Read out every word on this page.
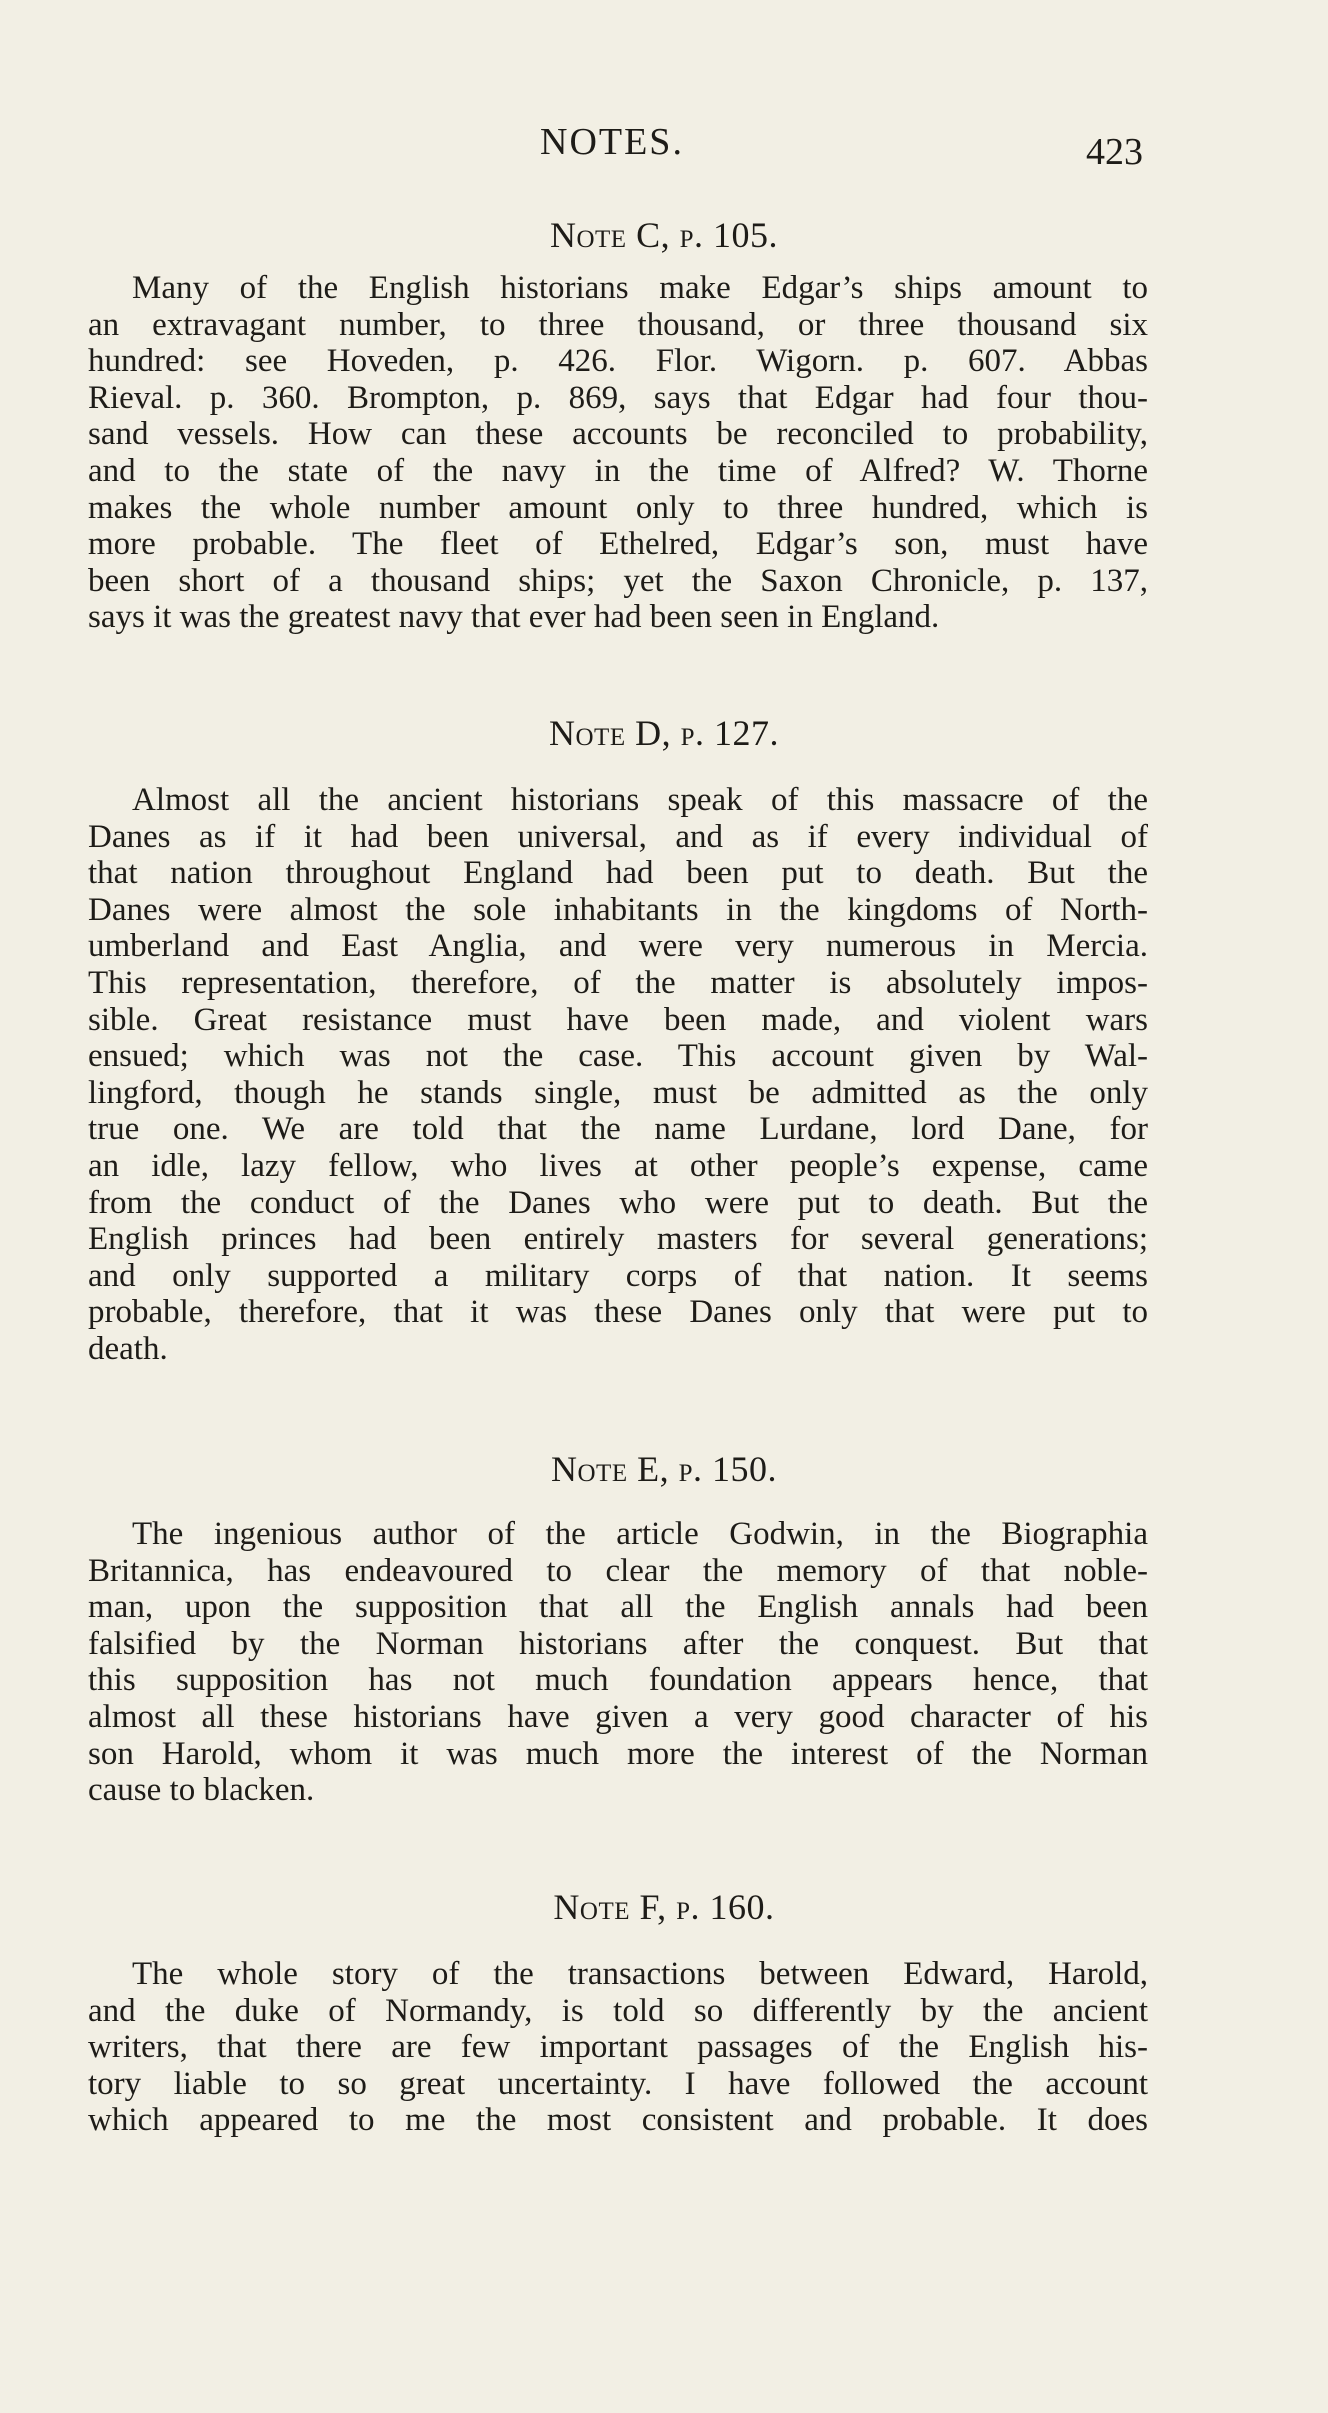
NOTES.	423
Note C, p. 105.
Many of the English historians make Edgar’s ships amount to
an extravagant number, to three thousand, or three thousand six
hundred: see Hoveden, p. 426. Flor. Wigorn. p. 607. Abbas
Rieval. p. 360. Brompton, p. 869, says that Edgar had four thou-
sand vessels. How can these accounts be reconciled to probability,
and to the state of the navy in the time of Alfred? W. Thorne
makes the whole number amount only to three hundred, which is
more probable. The fleet of Ethelred, Edgar’s son, must have
been short of a thousand ships; yet the Saxon Chronicle, p. 137,
says it was the greatest navy that ever had been seen in England.
Note D, p. 127.
Almost all the ancient historians speak of this massacre of the
Danes as if it had been universal, and as if every individual of
that nation throughout England had been put to death. But the
Danes were almost the sole inhabitants in the kingdoms of North-
umberland and East Anglia, and were very numerous in Mercia.
This representation, therefore, of the matter is absolutely impos-
sible. Great resistance must have been made, and violent wars
ensued; which was not the case. This account given by Wal-
lingford, though he stands single, must be admitted as the only
true one. We are told that the name Lurdane, lord Dane, for
an idle, lazy fellow, who lives at other people’s expense, came
from the conduct of the Danes who were put to death. But the
English princes had been entirely masters for several generations;
and only supported a military corps of that nation. It seems
probable, therefore, that it was these Danes only that were put to
death.
Note E, p. 150.
The ingenious author of the article Godwin, in the Biographia
Britannica, has endeavoured to clear the memory of that noble-
man, upon the supposition that all the English annals had been
falsified by the Norman historians after the conquest. But that
this supposition has not much foundation appears hence, that
almost all these historians have given a very good character of his
son Harold, whom it was much more the interest of the Norman
cause to blacken.
Note F, p. 160.
The whole story of the transactions between Edward, Harold,
and the duke of Normandy, is told so differently by the ancient
writers, that there are few important passages of the English his-
tory liable to so great uncertainty. I have followed the account
which appeared to me the most consistent and probable. It does
